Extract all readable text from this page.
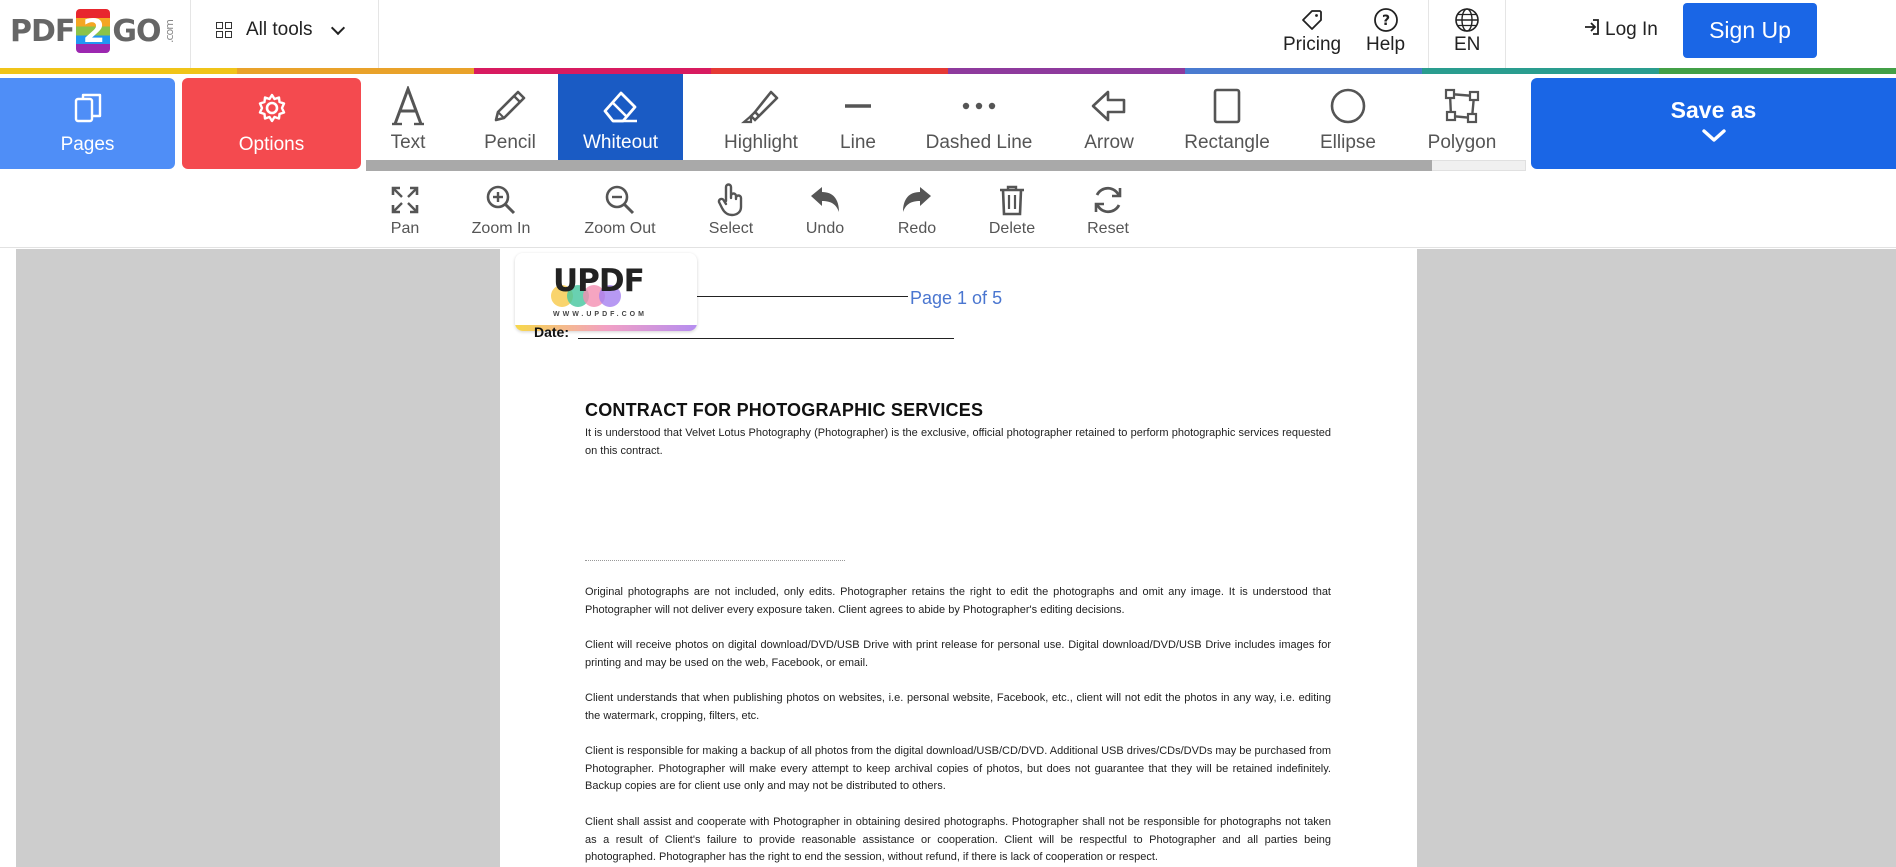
PDF 2 GO .com	All tools
Pricing
?
Help	EN
Log In	Sign Up
Pages	Options	Text	Pencil Whiteout	Highlight Line	Dashed Line	Arrow	Rectangle	Ellipse	Polygon
Save as
Pan	Zoom In	Zoom Out	Select	Undo	Redo	Delete	Reset
UPDF
WWW.UPDF.COM
Page 1 of 5
Date:
CONTRACT FOR PHOTOGRAPHIC SERVICES
It is understood that Velvet Lotus Photography (Photographer) is the exclusive, official photographer retained to perform photographic services requested on this contract.
Original photographs are not included, only edits. Photographer retains the right to edit the photographs and omit any image. It is understood that Photographer will not deliver every exposure taken. Client agrees to abide by Photographer's editing decisions.
Client will receive photos on digital download/DVD/USB Drive with print release for personal use. Digital download/DVD/USB Drive includes images for printing and may be used on the web, Facebook, or email.
Client understands that when publishing photos on websites, i.e. personal website, Facebook, etc., client will not edit the photos in any way, i.e. editing the watermark, cropping, filters, etc.
Client is responsible for making a backup of all photos from the digital download/USB/CD/DVD. Additional USB drives/CDs/DVDs may be purchased from Photographer. Photographer will make every attempt to keep archival copies of photos, but does not guarantee that they will be retained indefinitely. Backup copies are for client use only and may not be distributed to others.
Client shall assist and cooperate with Photographer in obtaining desired photographs. Photographer shall not be responsible for photographs not taken as a result of Client's failure to provide reasonable assistance or cooperation. Client will be respectful to Photographer and all parties being photographed. Photographer has the right to end the session, without refund, if there is lack of cooperation or respect.
